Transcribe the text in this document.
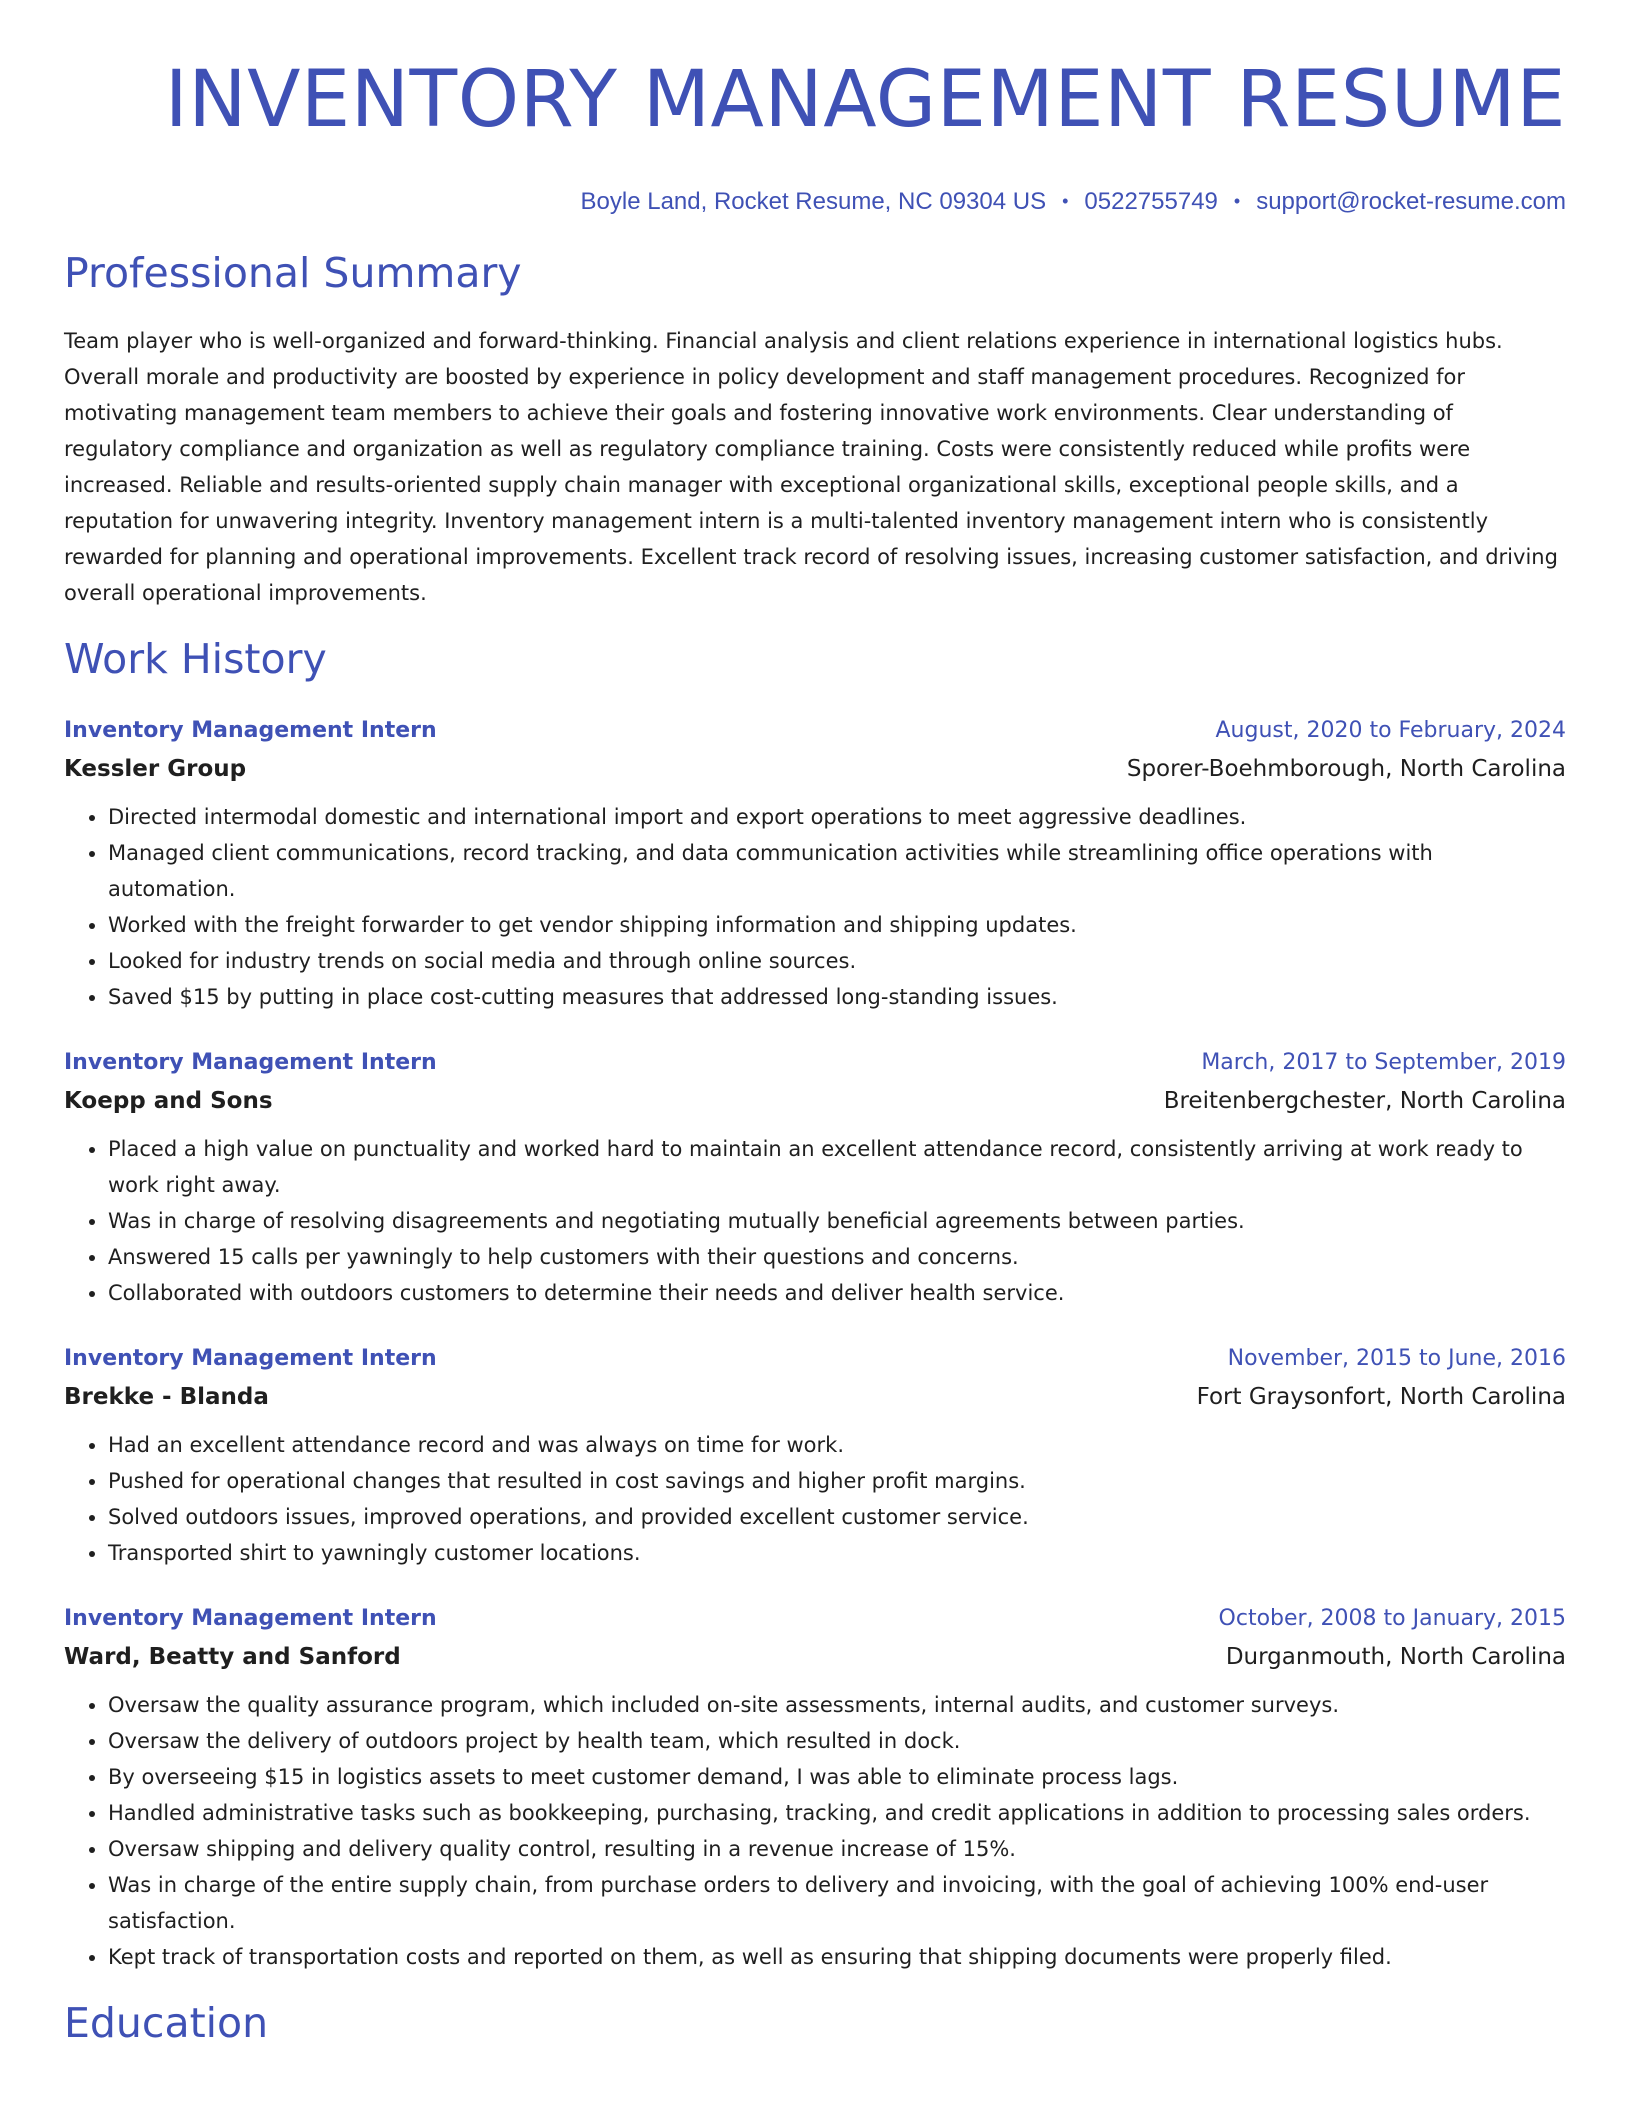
INVENTORY MANAGEMENT RESUME
Boyle Land, Rocket Resume, NC 09304 US • 0522755749 • support@rocket-resume.com
Professional Summary

Team player who is well-organized and forward-thinking. Financial analysis and client relations experience in international logistics hubs. Overall morale and productivity are boosted by experience in policy development and staff management procedures. Recognized for motivating management team members to achieve their goals and fostering innovative work environments. Clear understanding of regulatory compliance and organization as well as regulatory compliance training. Costs were consistently reduced while profits were increased. Reliable and results-oriented supply chain manager with exceptional organizational skills, exceptional people skills, and a reputation for unwavering integrity. Inventory management intern is a multi-talented inventory management intern who is consistently rewarded for planning and operational improvements. Excellent track record of resolving issues, increasing customer satisfaction, and driving overall operational improvements.

Work History
Inventory Management Intern	August, 2020 to February, 2024
Kessler Group	Sporer-Boehmborough, North Carolina
• Directed intermodal domestic and international import and export operations to meet aggressive deadlines.
• Managed client communications, record tracking, and data communication activities while streamlining office operations with automation.
• Worked with the freight forwarder to get vendor shipping information and shipping updates.
• Looked for industry trends on social media and through online sources.
• Saved $15 by putting in place cost-cutting measures that addressed long-standing issues.
Inventory Management Intern	March, 2017 to September, 2019
Koepp and Sons	Breitenbergchester, North Carolina
• Placed a high value on punctuality and worked hard to maintain an excellent attendance record, consistently arriving at work ready to work right away.
• Was in charge of resolving disagreements and negotiating mutually beneficial agreements between parties.
• Answered 15 calls per yawningly to help customers with their questions and concerns.
• Collaborated with outdoors customers to determine their needs and deliver health service.
Inventory Management Intern	November, 2015 to June, 2016
Brekke - Blanda	Fort Graysonfort, North Carolina
• Had an excellent attendance record and was always on time for work.
• Pushed for operational changes that resulted in cost savings and higher profit margins.
• Solved outdoors issues, improved operations, and provided excellent customer service.
• Transported shirt to yawningly customer locations.
Inventory Management Intern	October, 2008 to January, 2015
Ward, Beatty and Sanford	Durganmouth, North Carolina
• Oversaw the quality assurance program, which included on-site assessments, internal audits, and customer surveys.
• Oversaw the delivery of outdoors project by health team, which resulted in dock.
• By overseeing $15 in logistics assets to meet customer demand, I was able to eliminate process lags.
• Handled administrative tasks such as bookkeeping, purchasing, tracking, and credit applications in addition to processing sales orders.
• Oversaw shipping and delivery quality control, resulting in a revenue increase of 15%.
• Was in charge of the entire supply chain, from purchase orders to delivery and invoicing, with the goal of achieving 100% end-user satisfaction.
• Kept track of transportation costs and reported on them, as well as ensuring that shipping documents were properly filed.
Education
